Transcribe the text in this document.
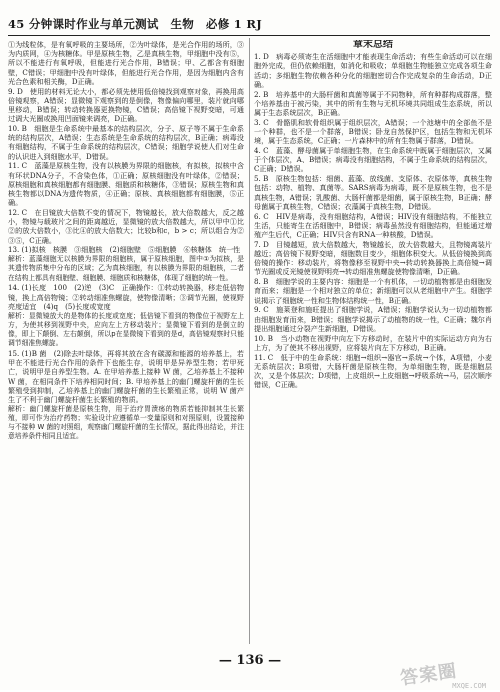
45 分钟课时作业与单元测试　生物　必修 1 RJ

①为线粒体，是有氧呼吸的主要场所，②为叶绿体，是光合作用的场所，③为内质网，④为核糖体。甲是原核生物，乙是真核生物，甲细胞中没有⑤，所以不能进行有氧呼吸，但能进行光合作用，B错误；甲、乙都含有细胞壁，C错误；甲细胞中没有叶绿体，但能进行光合作用，是因为细胞内含有光合色素和相关酶，D正确。

9. D　使用的材料无论大小，都必须先使用低倍镜找到观察对象，再换用高倍镜观察，A错误；显微镜下观察到的是倒像，物像偏向哪里，装片就向哪里移动，B错误；转动转换器更换物镜，C错误；高倍镜下视野变暗，可通过调大光圈或换用凹面镜来调亮，D正确。

10. B　细胞是生命系统中最基本的结构层次，分子、原子等不属于生命系统的结构层次，A错误；生态系统是生命系统的结构层次，B正确；病毒没有细胞结构，不属于生命系统的结构层次，C错误；细胞学说使人们对生命的认识进入到细胞水平，D错误。

11. C　蓝藻是原核生物，没有以核膜为界限的细胞核，有拟核，拟核中含有环状DNA分子，不含染色体，①正确；原核细胞没有叶绿体，②错误；原核细胞和真核细胞都有细胞膜、细胞质和核糖体，③错误；原核生物和真核生物都以DNA为遗传物质，④正确；原核、真核细胞都有细胞膜，⑤正确。

12. C　在目镜放大倍数不变的情况下，物镜越长，放大倍数越大，反之越小，物镜与载玻片之间的距离越近，显微镜的放大倍数越大，所以甲中①比②的放大倍数小，③比④的放大倍数大；比较b和c，b > c；所以组合为②③⑤，C正确。

13. (1)拟核　核膜　③细胞核　(2)细胞壁　⑤细胞膜　⑥核糖体　统一性

解析：蓝藻细胞无以核膜为界限的细胞核，属于原核细胞，图中①为拟核，是其遗传物质集中分布的区域；乙为真核细胞，有以核膜为界限的细胞核，二者在结构上都具有细胞壁、细胞膜、细胞质和核糖体，体现了细胞的统一性。

14. (1)长度　100　(2)逆　(3)C　正确操作：①转动转换器，移走低倍物镜，换上高倍物镜；②转动细准焦螺旋，使物像清晰；③调节光圈，使视野亮度适宜　(4)q　(5)长度或宽度

解析：显微镜放大的是物体的长度或宽度；低倍镜下看到的物像位于视野左上方，为使其移到视野中央，应向左上方移动装片；显微镜下看到的是倒立的像，即上下颠倒、左右颠倒，所以p在显微镜下看到的是d，高倍镜观察时只能调节细准焦螺旋。

15. (1)B 菌　(2)除去叶绿体，再将其放在含有碳源和能源的培养基上，若甲在不能进行光合作用的条件下也能生存，说明甲是异养型生物；若甲死亡，说明甲是自养型生物。A. 在甲培养基上接种 W 菌，乙培养基上不接种 W 菌，在相同条件下培养相同时间；B. 甲培养基上的幽门螺旋杆菌的生长繁殖受到抑制，乙培养基上的幽门螺旋杆菌的生长繁殖正常，说明 W 菌产生了不利于幽门螺旋杆菌生长繁殖的物质。

解析：幽门螺旋杆菌是原核生物，用于治疗胃溃疡的物质若能抑制其生长繁殖，即可作为治疗药物；实验设计应遵循单一变量原则和对照原则，设置接种与不接种 W 菌的对照组，观察幽门螺旋杆菌的生长情况，据此得出结论，并注意培养条件相同且适宜。

章末总结

1. D　病毒必须寄生在活细胞中才能表现生命活动；有些生命活动可以在细胞外完成，但仍依赖细胞，如消化和吸收；单细胞生物能独立完成各项生命活动；多细胞生物依赖各种分化的细胞密切合作完成复杂的生命活动，D正确。

2. B　培养基中的大肠杆菌和真菌等属于不同物种，所有种群构成群落，整个培养基由于被污染，其中的所有生物与无机环境共同组成生态系统，所以属于生态系统层次，B正确。

3. C　骨骼肌和软骨组织属于组织层次，A错误；一个池塘中的全部鱼不是一个种群，也不是一个群落，B错误；卧龙自然保护区，包括生物和无机环境，属于生态系统，C正确；一片森林中的所有生物属于群落，D错误。

4. C　蓝藻、酵母菌属于单细胞生物，在生命系统中既属于细胞层次，又属于个体层次，A、B错误；病毒没有细胞结构，不属于生命系统的结构层次，C正确；D错误。

5. B　原核生物包括：细菌、蓝藻、放线菌、支原体、衣原体等，真核生物包括：动物、植物、真菌等。SARS病毒为病毒，既不是原核生物，也不是真核生物，A错误；乳酸菌、大肠杆菌都是细菌，属于原核生物，B正确；酵母菌属于真核生物，C错误；衣藻属于真核生物，D错误。

6. C　HIV是病毒，没有细胞结构，A错误；HIV没有细胞结构，不能独立生活，只能寄生在活细胞中，B错误；病毒虽然没有细胞结构，但能通过增殖产生后代，C正确；HIV只含有RNA一种核酸，D错误。

7. D　目镜越短，放大倍数越大，物镜越长，放大倍数越大，且物镜离装片越近；高倍镜下视野变暗，细胞数目变少，细胞体积变大。从低倍镜换到高倍镜的操作：移动装片，将物像移至视野中央→转动转换器换上高倍镜→调节光圈或反光镜使视野明亮→转动细准焦螺旋使物像清晰，D正确。

8. B　细胞学说的主要内容：细胞是一个有机体，一切动植物都是由细胞发育而来；细胞是一个相对独立的单位；新细胞可以从老细胞中产生。细胞学说揭示了细胞统一性和生物体结构统一性，B正确。

9. C　施莱登和施旺提出了细胞学说，A错误；细胞学说认为一切动植物都由细胞发育而来，B错误；细胞学说揭示了动植物的统一性，C正确；魏尔肖提出细胞通过分裂产生新细胞，D错误。

10. B　当小动物在视野中向左下方移动时，在装片中的实际运动方向为右上方，为了使其不移出视野，应将装片向左下方移动，B正确。

11. C　低于中的生命系统：细胞→组织→器官→系统→个体，A项错，小麦无系统层次；B项错，大肠杆菌是原核生物，为单细胞生物，既是细胞层次，又是个体层次；D项错，上皮组织→上皮细胞→呼吸系统→马，层次顺序错误，C正确。

— 136 —
答案圈
MXQE.COM
